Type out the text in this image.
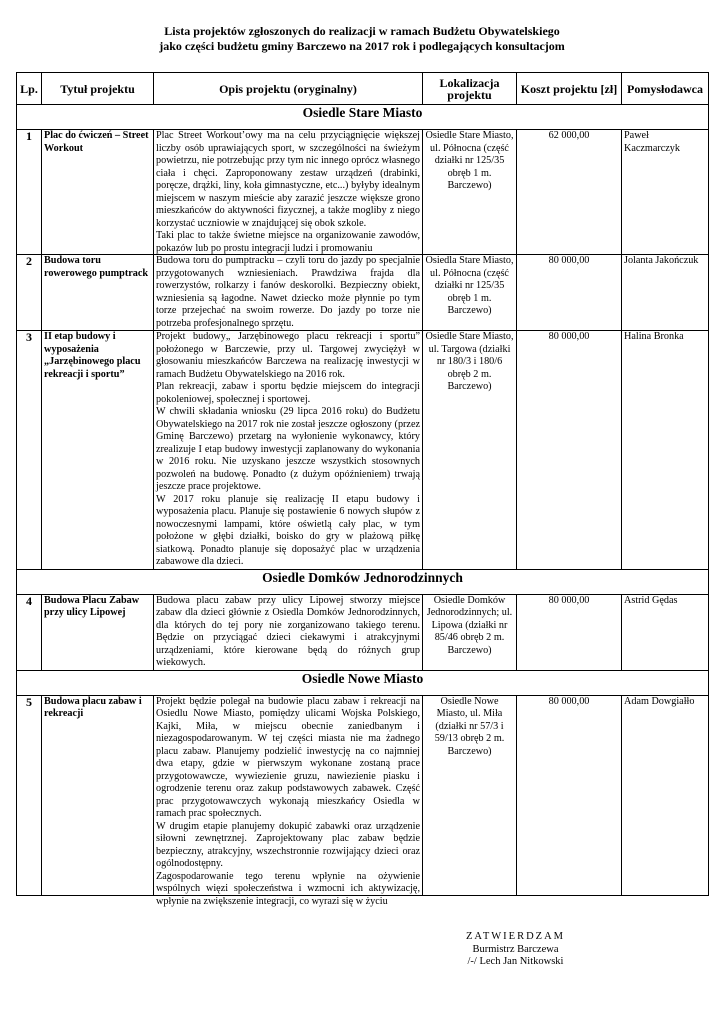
Lista projektów zgłoszonych do realizacji w ramach Budżetu Obywatelskiego
jako części budżetu gminy Barczewo na 2017 rok i podlegających konsultacjom
Lp.	Tytuł projektu	Opis projektu (oryginalny)	Lokalizacja projektu	Koszt projektu [zł]	Pomysłodawca
Osiedle Stare Miasto					
1	Plac do ćwiczeń – Street Workout	Plac Street Workout’owy ma na celu przyciągnięcie większej liczby osób uprawiających sport, w szczególności na świeżym powietrzu, nie potrzebując przy tym nic innego oprócz własnego ciała i chęci. Zaproponowany zestaw urządzeń (drabinki, poręcze, drążki, liny, koła gimnastyczne, etc...) byłyby idealnym miejscem w naszym mieście aby zarazić jeszcze większe grono mieszkańców do aktywności fizycznej, a także mogliby z niego korzystać uczniowie w znajdującej się obok szkole.

Taki plac to także świetne miejsce na organizowanie zawodów, pokazów lub po prostu integracji ludzi i promowaniu	Osiedle Stare Miasto, ul. Północna (część działki nr 125/35 obręb 1 m. Barczewo)	62 000,00	Paweł Kaczmarczyk
2	Budowa toru rowerowego pumptrack	Budowa toru do pumptracku – czyli toru do jazdy po specjalnie przygotowanych wzniesieniach. Prawdziwa frajda dla rowerzystów, rolkarzy i fanów deskorolki. Bezpieczny obiekt, wzniesienia są łagodne. Nawet dziecko może płynnie po tym torze przejechać na swoim rowerze. Do jazdy po torze nie potrzeba profesjonalnego sprzętu.	Osiedla Stare Miasto, ul. Północna (część działki nr 125/35 obręb 1 m. Barczewo)	80 000,00	Jolanta Jakończuk
3	II etap budowy i wyposażenia „Jarzębinowego placu rekreacji i sportu”	Projekt budowy„ Jarzębinowego placu rekreacji i sportu” położonego w Barczewie, przy ul. Targowej zwyciężył w głosowaniu mieszkańców Barczewa na realizację inwestycji w ramach Budżetu Obywatelskiego na 2016 rok.

Plan rekreacji, zabaw i sportu będzie miejscem do integracji pokoleniowej, społecznej i sportowej.

W chwili składania wniosku (29 lipca 2016 roku) do Budżetu Obywatelskiego na 2017 rok nie został jeszcze ogłoszony (przez Gminę Barczewo) przetarg na wyłonienie wykonawcy, który zrealizuje I etap budowy inwestycji zaplanowany do wykonania w 2016 roku. Nie uzyskano jeszcze wszystkich stosownych pozwoleń na budowę. Ponadto (z dużym opóźnieniem) trwają jeszcze prace projektowe.

W 2017 roku planuje się realizację II etapu budowy i wyposażenia placu. Planuje się postawienie 6 nowych słupów z nowoczesnymi lampami, które oświetlą cały plac, w tym położone w głębi działki, boisko do gry w plażową piłkę siatkową. Ponadto planuje się doposażyć plac w urządzenia zabawowe dla dzieci.	Osiedle Stare Miasto, ul. Targowa (działki nr 180/3 i 180/6 obręb 2 m. Barczewo)	80 000,00	Halina Bronka
Osiedle Domków Jednorodzinnych					
4	Budowa Placu Zabaw przy ulicy Lipowej	Budowa placu zabaw przy ulicy Lipowej stworzy miejsce zabaw dla dzieci głównie z Osiedla Domków Jednorodzinnych, dla których do tej pory nie zorganizowano takiego terenu. Będzie on przyciągać dzieci ciekawymi i atrakcyjnymi urządzeniami, które kierowane będą do różnych grup wiekowych.	Osiedle Domków Jednorodzinnych; ul. Lipowa (działki nr 85/46 obręb 2 m. Barczewo)	80 000,00	Astrid Gędas
Osiedle Nowe Miasto					
5	Budowa placu zabaw i rekreacji	Projekt będzie polegał na budowie placu zabaw i rekreacji na Osiedlu Nowe Miasto, pomiędzy ulicami Wojska Polskiego, Kajki, Miła, w miejscu obecnie zaniedbanym i niezagospodarowanym. W tej części miasta nie ma żadnego placu zabaw. Planujemy podzielić inwestycję na co najmniej dwa etapy, gdzie w pierwszym wykonane zostaną prace przygotowawcze, wywiezienie gruzu, nawiezienie piasku i ogrodzenie terenu oraz zakup podstawowych zabawek. Część prac przygotowawczych wykonają mieszkańcy Osiedla w ramach prac społecznych.

W drugim etapie planujemy dokupić zabawki oraz urządzenie siłowni zewnętrznej. Zaprojektowany plac zabaw będzie bezpieczny, atrakcyjny, wszechstronnie rozwijający dzieci oraz ogólnodostępny.

Zagospodarowanie tego terenu wpłynie na ożywienie wspólnych więzi społeczeństwa i wzmocni ich aktywizację, wpłynie na zwiększenie integracji, co wyrazi się w życiu	Osiedle Nowe Miasto, ul. Miła (działki nr 57/3 i 59/13 obręb 2 m. Barczewo)	80 000,00	Adam Dowgiałło
ZATWIERDZAM
Burmistrz Barczewa
/-/ Lech Jan Nitkowski
